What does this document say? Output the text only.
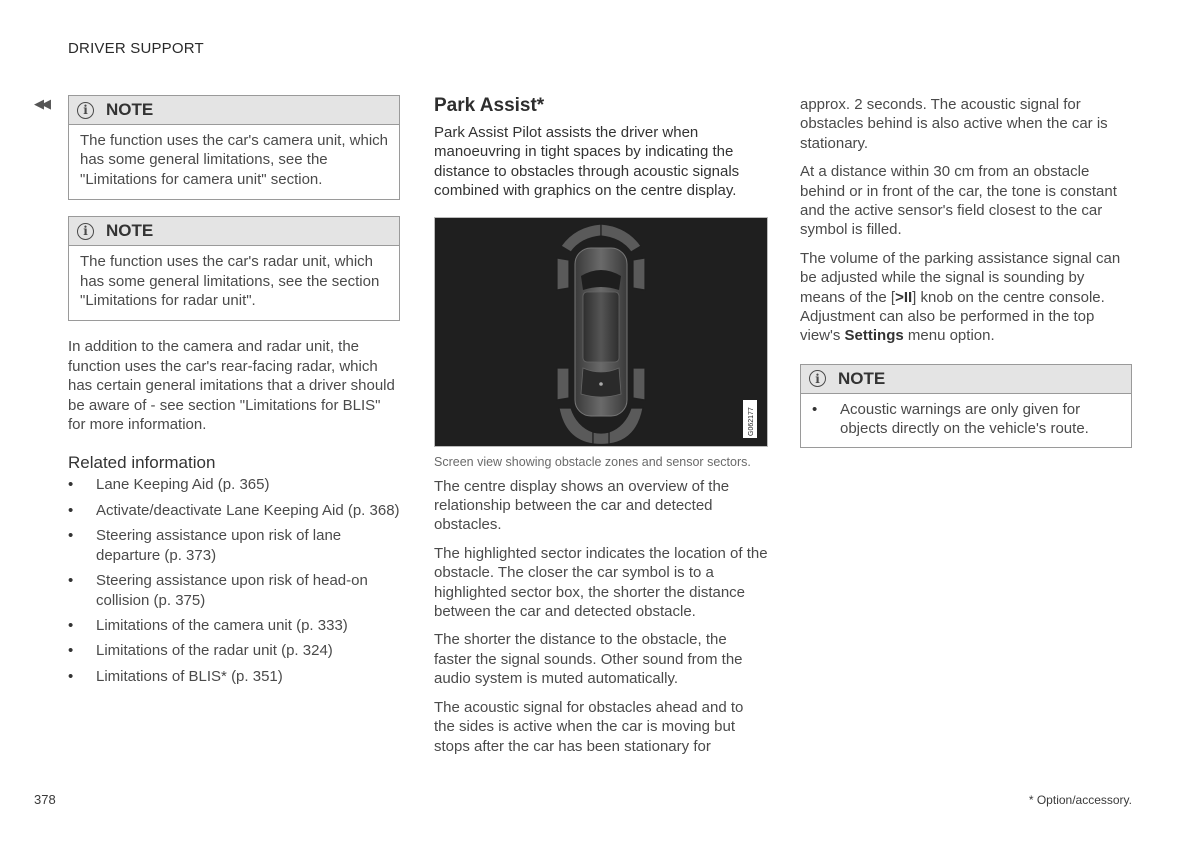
DRIVER SUPPORT
◀◀	i	NOTE

The function uses the car's camera unit, which has some general limitations, see the "Limitations for camera unit" section.

i	NOTE

The function uses the car's radar unit, which has some general limitations, see the section "Limitations for radar unit".

In addition to the camera and radar unit, the function uses the car's rear-facing radar, which has certain general imitations that a driver should be aware of - see section "Limitations for BLIS" for more information.

Related information
• Lane Keeping Aid (p. 365)
• Activate/deactivate Lane Keeping Aid (p. 368)
• Steering assistance upon risk of lane departure (p. 373)
• Steering assistance upon risk of head-on collision (p. 375)
• Limitations of the camera unit (p. 333)
• Limitations of the radar unit (p. 324)
• Limitations of BLIS* (p. 351)
Park Assist*

Park Assist Pilot assists the driver when manoeuvring in tight spaces by indicating the distance to obstacles through acoustic signals combined with graphics on the centre display.

G062177
Screen view showing obstacle zones and sensor sectors.

The centre display shows an overview of the relationship between the car and detected obstacles.

The highlighted sector indicates the location of the obstacle. The closer the car symbol is to a highlighted sector box, the shorter the distance between the car and detected obstacle.

The shorter the distance to the obstacle, the faster the signal sounds. Other sound from the audio system is muted automatically.

The acoustic signal for obstacles ahead and to the sides is active when the car is moving but stops after the car has been stationary for

approx. 2 seconds. The acoustic signal for obstacles behind is also active when the car is stationary.

At a distance within 30 cm from an obstacle behind or in front of the car, the tone is constant and the active sensor's field closest to the car symbol is filled.

The volume of the parking assistance signal can be adjusted while the signal is sounding by means of the [>II] knob on the centre console. Adjustment can also be performed in the top view's Settings menu option.

i	NOTE
• Acoustic warnings are only given for objects directly on the vehicle's route.
378	* Option/accessory.
